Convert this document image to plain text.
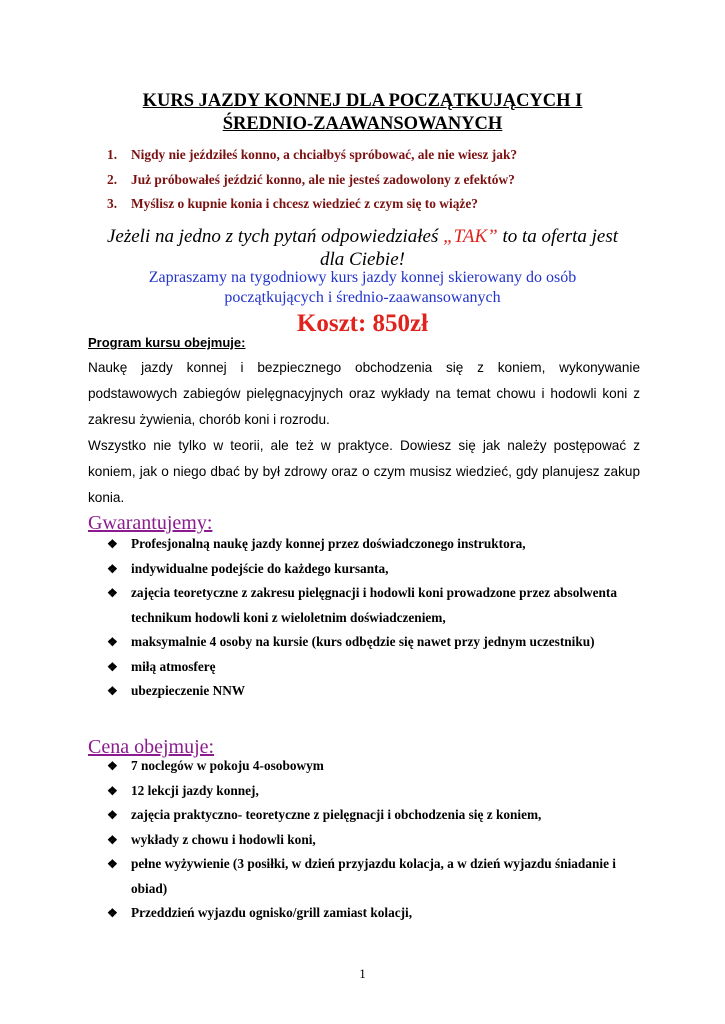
KURS JAZDY KONNEJ DLA POCZĄTKUJĄCYCH I
ŚREDNIO-ZAAWANSOWANYCH
1. Nigdy nie jeździłeś konno, a chciałbyś spróbować, ale nie wiesz jak?
2. Już próbowałeś jeździć konno, ale nie jesteś zadowolony z efektów?
3. Myślisz o kupnie konia i chcesz wiedzieć z czym się to wiąże?
Jeżeli na jedno z tych pytań odpowiedziałeś „TAK” to ta oferta jest
dla Ciebie!
Zapraszamy na tygodniowy kurs jazdy konnej skierowany do osób
początkujących i średnio-zaawansowanych
Koszt: 850zł
Program kursu obejmuje:

Naukę jazdy konnej i bezpiecznego obchodzenia się z koniem, wykonywanie podstawowych zabiegów pielęgnacyjnych oraz wykłady na temat chowu i hodowli koni z zakresu żywienia, chorób koni i rozrodu.

Wszystko nie tylko w teorii, ale też w praktyce. Dowiesz się jak należy postępować z koniem, jak o niego dbać by był zdrowy oraz o czym musisz wiedzieć, gdy planujesz zakup konia.

Gwarantujemy:
❖ Profesjonalną naukę jazdy konnej przez doświadczonego instruktora,
❖ indywidualne podejście do każdego kursanta,
❖ zajęcia teoretyczne z zakresu pielęgnacji i hodowli koni prowadzone przez absolwenta technikum hodowli koni z wieloletnim doświadczeniem,
❖ maksymalnie 4 osoby na kursie (kurs odbędzie się nawet przy jednym uczestniku)
❖ miłą atmosferę
❖ ubezpieczenie NNW
Cena obejmuje:
❖ 7 noclegów w pokoju 4-osobowym
❖ 12 lekcji jazdy konnej,
❖ zajęcia praktyczno- teoretyczne z pielęgnacji i obchodzenia się z koniem,
❖ wykłady z chowu i hodowli koni,
❖ pełne wyżywienie (3 posiłki, w dzień przyjazdu kolacja, a w dzień wyjazdu śniadanie i obiad)
❖ Przeddzień wyjazdu ognisko/grill zamiast kolacji,
1
